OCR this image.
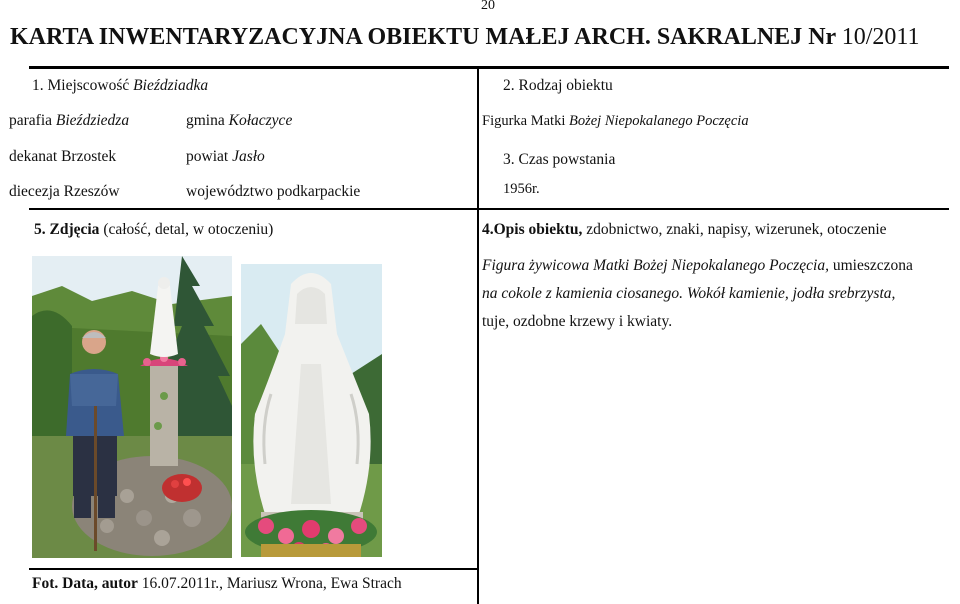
20
KARTA INWENTARYZACYJNA OBIEKTU MAŁEJ ARCH. SAKRALNEJ Nr 10/2011
1. Miejscowość Bieździadka
parafia Bieździedza	gmina Kołaczyce
dekanat Brzostek	powiat Jasło
diecezja Rzeszów	województwo podkarpackie
2. Rodzaj obiektu
Figurka Matki Bożej Niepokalanego Poczęcia
3. Czas powstania
1956r.
5. Zdjęcia (całość, detal, w otoczeniu)	4.Opis obiektu, zdobnictwo, znaki, napisy, wizerunek, otoczenie
Figura żywicowa Matki Bożej Niepokalanego Poczęcia, umieszczona
na cokole z kamienia ciosanego. Wokół kamienie, jodła srebrzysta,
tuje, ozdobne krzewy i kwiaty.
Fot. Data, autor 16.07.2011r., Mariusz Wrona, Ewa Strach
